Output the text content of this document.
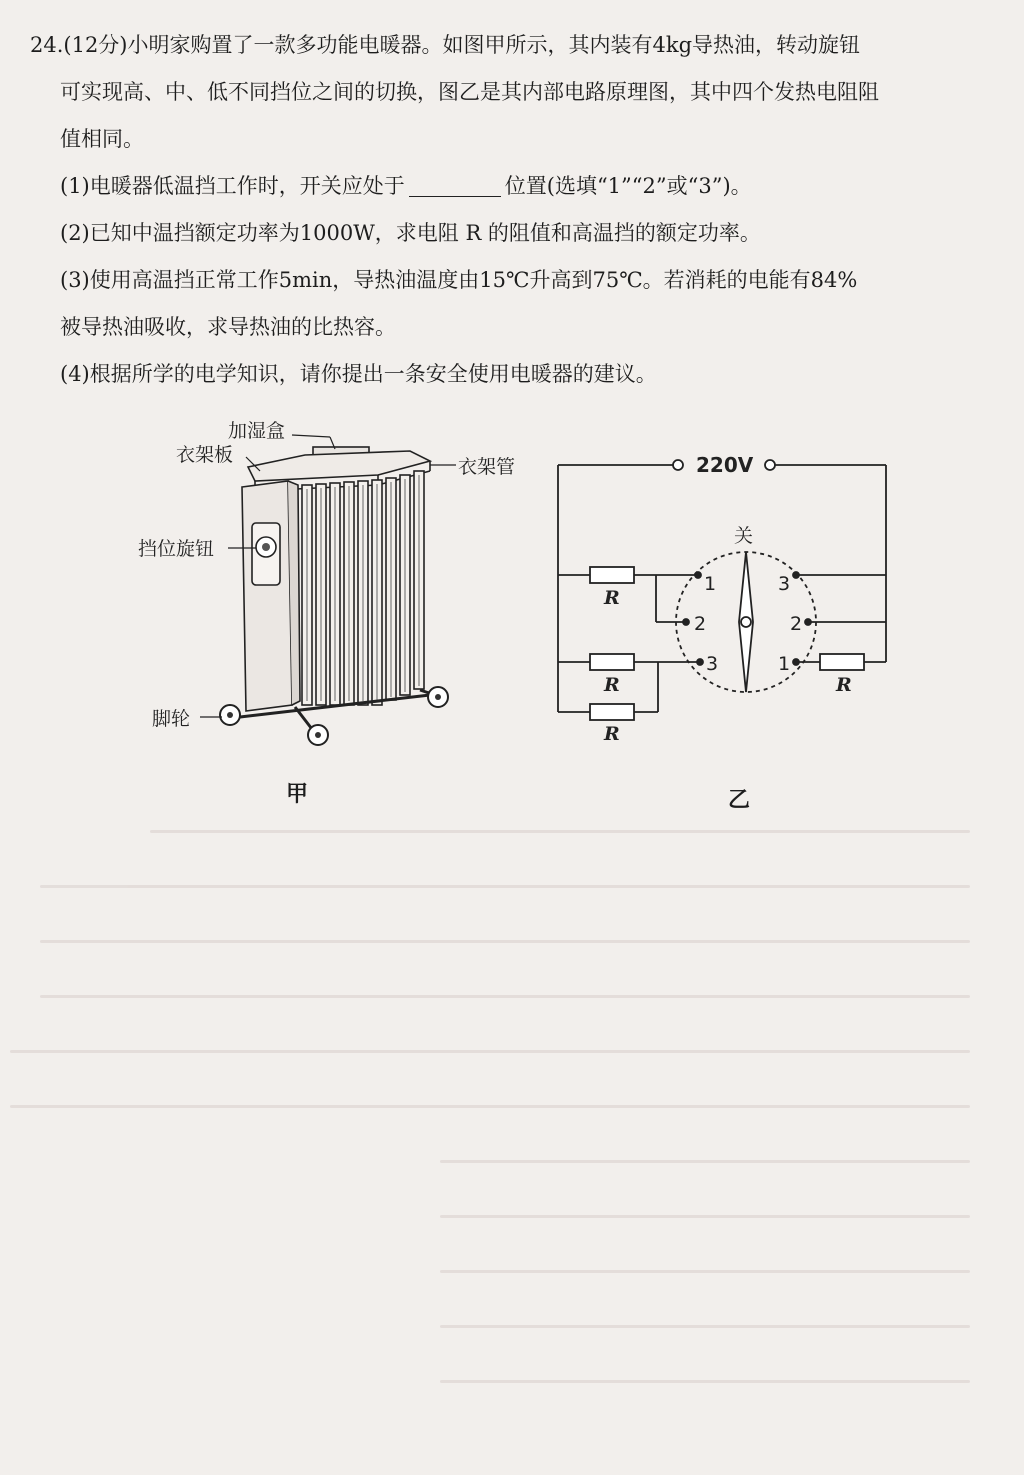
24.(12分)小明家购置了一款多功能电暖器。如图甲所示，其内装有4kg导热油，转动旋钮
可实现高、中、低不同挡位之间的切换，图乙是其内部电路原理图，其中四个发热电阻阻
值相同。
(1)电暖器低温挡工作时，开关应处于	位置(选填“1”“2”或“3”)。
(2)已知中温挡额定功率为1000W，求电阻 R 的阻值和高温挡的额定功率。
(3)使用高温挡正常工作5min，导热油温度由15℃升高到75℃。若消耗的电能有84%
被导热油吸收，求导热油的比热容。
(4)根据所学的电学知识，请你提出一条安全使用电暖器的建议。
加湿盒
衣架板
衣架管
挡位旋钮
脚轮
220V
关
R
R
R
R
1
2
3
3
2
1
甲	乙
